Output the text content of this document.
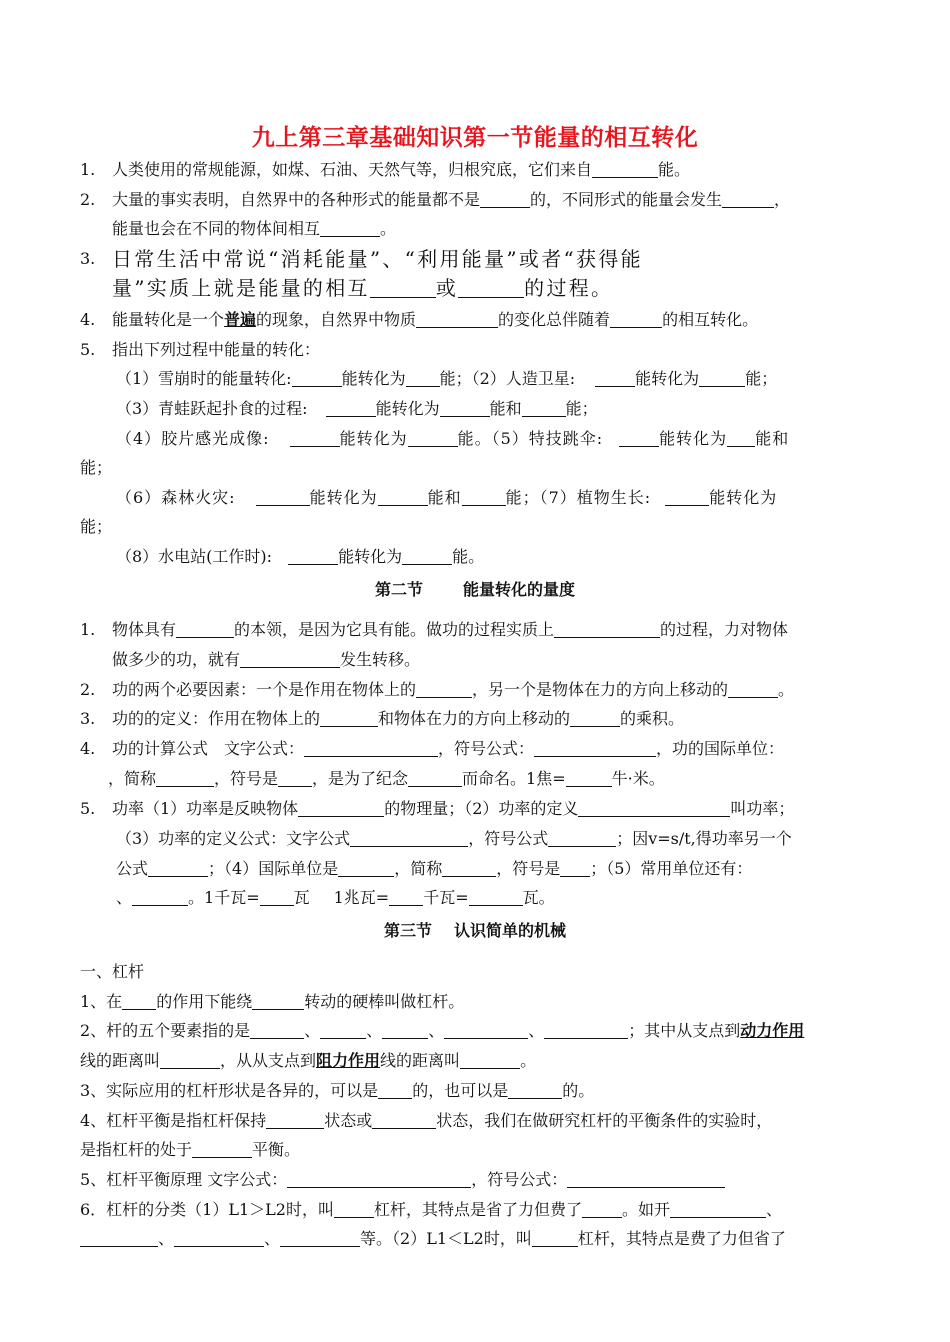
九上第三章基础知识第一节能量的相互转化
1. 人类使用的常规能源，如煤、石油、天然气等，归根究底，它们来自	能。
2. 大量的事实表明，自然界中的各种形式的能量都不是	的，不同形式的能量会发生	，
能量也会在不同的物体间相互	。
3. 日常生活中常说“消耗能量”、“利用能量”或者“获得能
量”实质上就是能量的相互	或	的过程。
4. 能量转化是一个普遍的现象，自然界中物质	的变化总伴随着	的相互转化。
5. 指出下列过程中能量的转化：
（1）雪崩时的能量转化:	能转化为 能；（2）人造卫星:	能转化为	能；
（3）青蛙跃起扑食的过程:	能转化为	能和	能；
（4）胶片感光成像:	能转化为	能。（5）特技跳伞:	能转化为 能和
能；
（6）森林火灾:	能转化为	能和	能；（7）植物生长:	能转化为
能；
（8）水电站(工作时):	能转化为	能。
第二节	能量转化的量度
1. 物体具有	的本领，是因为它具有能。做功的过程实质上	的过程，力对物体
做多少的功，就有	发生转移。
2. 功的两个必要因素：一个是作用在物体上的	，另一个是物体在力的方向上移动的	。
3. 功的的定义：作用在物体上的	和物体在力的方向上移动的	的乘积。
4. 功的计算公式　文字公式：	，符号公式：	，功的国际单位：
，简称	，符号是 ，是为了纪念	而命名。1焦=	牛·米。
5. 功率（1）功率是反映物体	的物理量；（2）功率的定义	叫功率；
（3）功率的定义公式：文字公式	，符号公式	；因v=s/t,得功率另一个
公式	；（4）国际单位是	，简称	，符号是 ；（5）常用单位还有：
、	。1千瓦= 瓦 1兆瓦= 千瓦=	瓦。
第三节 认识简单的机械
一、杠杆
1、在 的作用下能绕	转动的硬棒叫做杠杆。
2、杆的五个要素指的是	、	、	、	、	；其中从支点到动力作用
线的距离叫	，从从支点到阻力作用线的距离叫	。
3、实际应用的杠杆形状是各异的，可以是 的，也可以是	的。
4、杠杆平衡是指杠杆保持	状态或	状态，我们在做研究杠杆的平衡条件的实验时，
是指杠杆的处于	平衡。
5、杠杆平衡原理 文字公式：	，符号公式：
6．杠杆的分类（1）L1＞L2时，叫	杠杆，其特点是省了力但费了	。如开	、
、	、	等。（2）L1＜L2时，叫	杠杆，其特点是费了力但省了
